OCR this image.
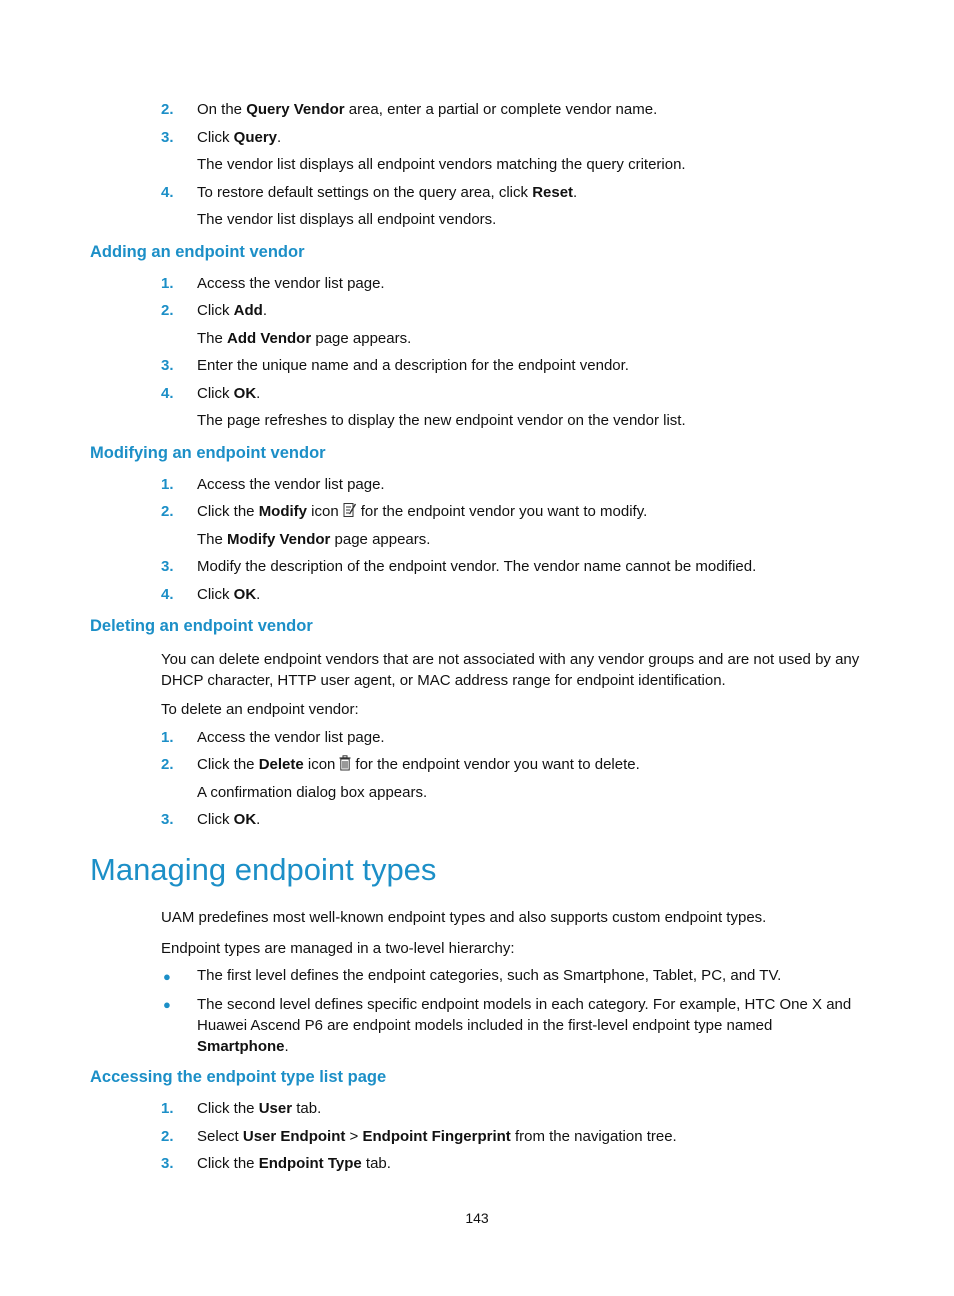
2. On the Query Vendor area, enter a partial or complete vendor name.
3. Click Query.
The vendor list displays all endpoint vendors matching the query criterion.
4. To restore default settings on the query area, click Reset.
The vendor list displays all endpoint vendors.
Adding an endpoint vendor
1. Access the vendor list page.
2. Click Add.
The Add Vendor page appears.
3. Enter the unique name and a description for the endpoint vendor.
4. Click OK.
The page refreshes to display the new endpoint vendor on the vendor list.
Modifying an endpoint vendor
1. Access the vendor list page.
2. Click the Modify icon for the endpoint vendor you want to modify.
The Modify Vendor page appears.
3. Modify the description of the endpoint vendor. The vendor name cannot be modified.
4. Click OK.
Deleting an endpoint vendor
You can delete endpoint vendors that are not associated with any vendor groups and are not used by any DHCP character, HTTP user agent, or MAC address range for endpoint identification.
To delete an endpoint vendor:
1. Access the vendor list page.
2. Click the Delete icon for the endpoint vendor you want to delete.
A confirmation dialog box appears.
3. Click OK.
Managing endpoint types
UAM predefines most well-known endpoint types and also supports custom endpoint types.
Endpoint types are managed in a two-level hierarchy:
● The first level defines the endpoint categories, such as Smartphone, Tablet, PC, and TV.
● The second level defines specific endpoint models in each category. For example, HTC One X and Huawei Ascend P6 are endpoint models included in the first-level endpoint type named Smartphone.
Accessing the endpoint type list page
1. Click the User tab.
2. Select User Endpoint > Endpoint Fingerprint from the navigation tree.
3. Click the Endpoint Type tab.
143
